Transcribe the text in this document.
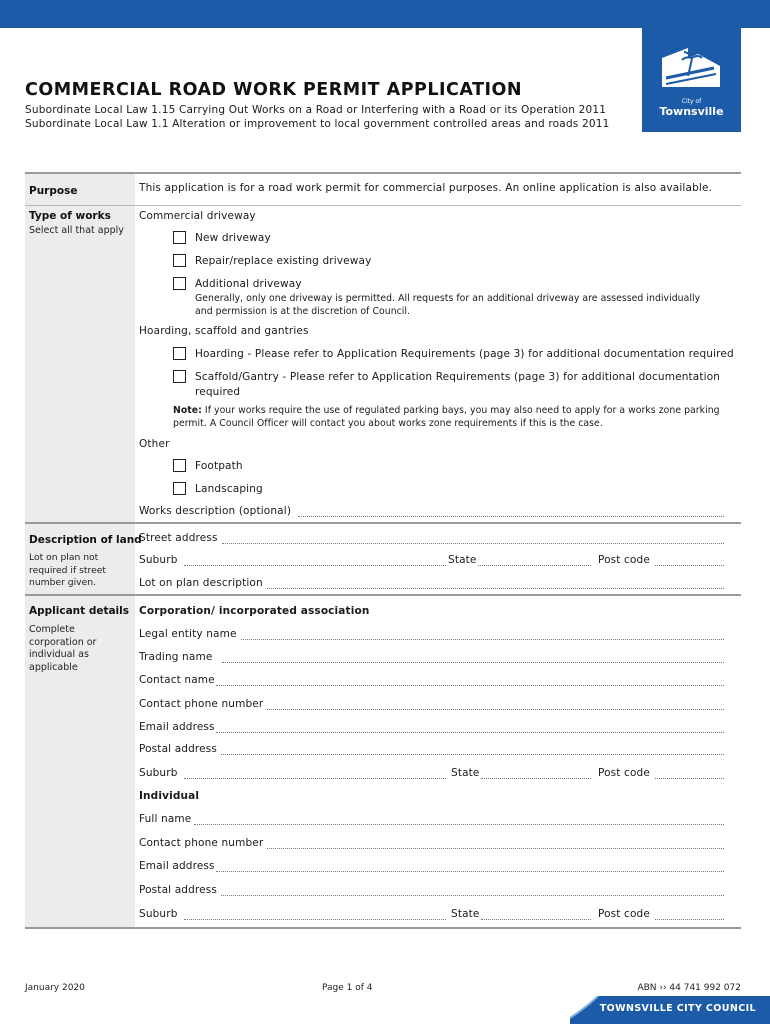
City of
Townsville
COMMERCIAL ROAD WORK PERMIT APPLICATION
Subordinate Local Law 1.15 Carrying Out Works on a Road or Interfering with a Road or its Operation 2011
Subordinate Local Law 1.1 Alteration or improvement to local government controlled areas and roads 2011
Purpose	This application is for a road work permit for commercial purposes. An online application is also available.
Type of works
Select all that apply
Commercial driveway
New driveway
Repair/replace existing driveway
Additional driveway
Generally, only one driveway is permitted. All requests for an additional driveway are assessed individually
and permission is at the discretion of Council.
Hoarding, scaffold and gantries
Hoarding - Please refer to Application Requirements (page 3) for additional documentation required
Scaffold/Gantry - Please refer to Application Requirements (page 3) for additional documentation
required
Note: If your works require the use of regulated parking bays, you may also need to apply for a works zone parking
permit. A Council Officer will contact you about works zone requirements if this is the case.
Other
Footpath
Landscaping
Works description (optional)
Description of land
Lot on plan not required if street number given.
Street address
Suburb	State	Post code
Lot on plan description
Applicant details
Complete corporation or individual as applicable
Corporation/ incorporated association
Legal entity name
Trading name
Contact name
Contact phone number
Email address
Postal address
Suburb	State	Post code
Individual
Full name
Contact phone number
Email address
Postal address
Suburb	State	Post code
January 2020	Page 1 of 4	ABN ›› 44 741 992 072
TOWNSVILLE CITY COUNCIL
